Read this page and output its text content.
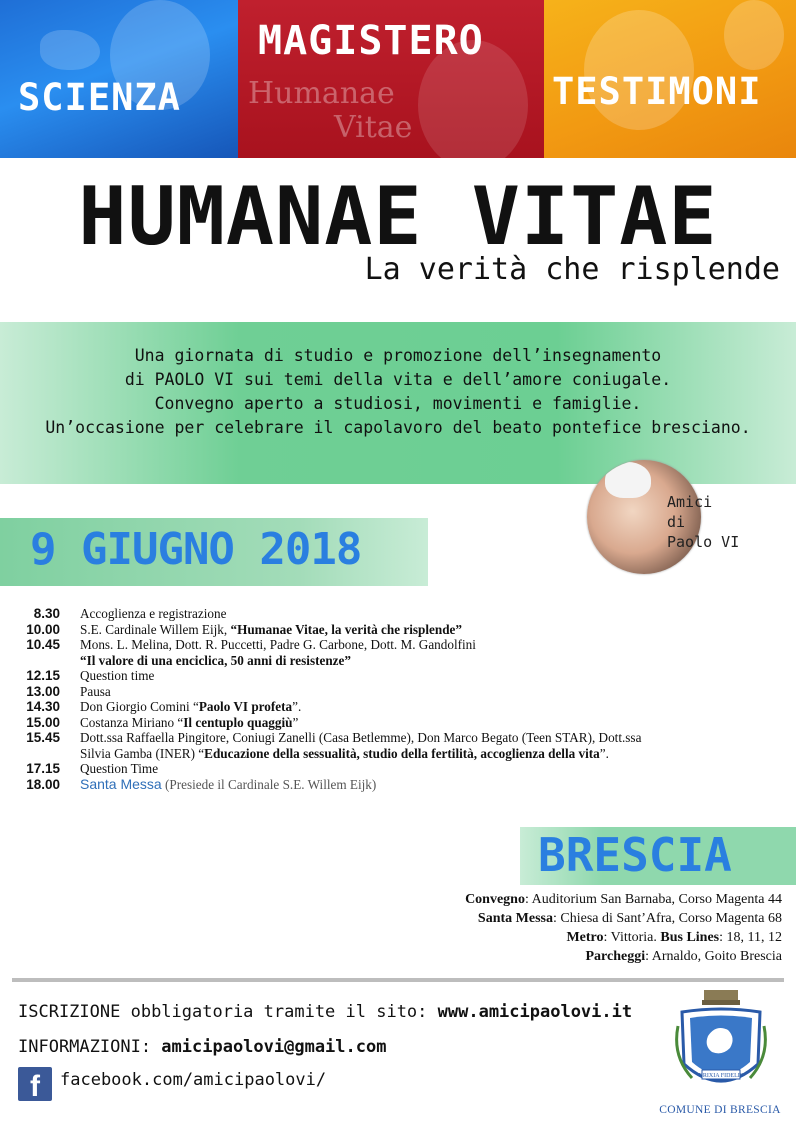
SCIENZA
MAGISTERO
Humanae
Vitae
TESTIMONI
HUMANAE VITAE
La verità che risplende
Una giornata di studio e promozione dell’insegnamento
di PAOLO VI sui temi della vita e dell’amore coniugale.
Convegno aperto a studiosi, movimenti e famiglie.
Un’occasione per celebrare il capolavoro del beato pontefice bresciano.
Amici
di
Paolo VI
9 GIUGNO 2018
8.30	Accoglienza e registrazione
10.00	S.E. Cardinale Willem Eijk, “Humanae Vitae, la verità che risplende”
10.45	Mons. L. Melina, Dott. R. Puccetti, Padre G. Carbone, Dott. M. Gandolfini
“Il valore di una enciclica, 50 anni di resistenze”
12.15	Question time
13.00	Pausa
14.30	Don Giorgio Comini “Paolo VI profeta”.
15.00	Costanza Miriano “Il centuplo quaggiù”
15.45	Dott.ssa Raffaella Pingitore, Coniugi Zanelli (Casa Betlemme), Don Marco Begato (Teen STAR), Dott.ssa
Silvia Gamba (INER) “Educazione della sessualità, studio della fertilità, accoglienza della vita”.
17.15	Question Time
18.00	Santa Messa (Presiede il Cardinale S.E. Willem Eijk)
BRESCIA
Convegno: Auditorium San Barnaba, Corso Magenta 44
Santa Messa: Chiesa di Sant’Afra, Corso Magenta 68
Metro: Vittoria. Bus Lines: 18, 11, 12
Parcheggi: Arnaldo, Goito Brescia
ISCRIZIONE obbligatoria tramite il sito: www.amicipaolovi.it
INFORMAZIONI: amicipaolovi@gmail.com
f	facebook.com/amicipaolovi/	BRIXIA FIDELIS
COMUNE DI BRESCIA
